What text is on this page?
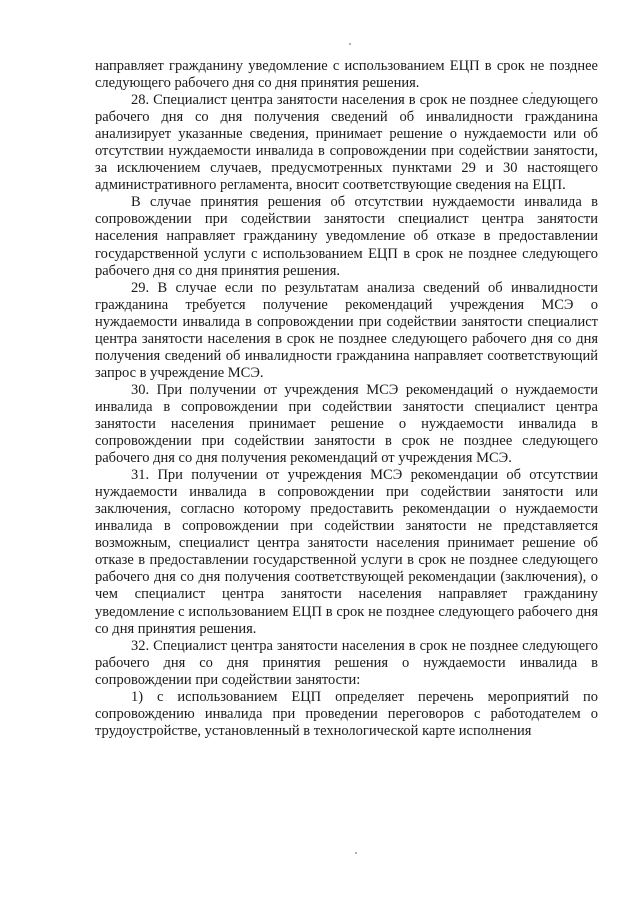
направляет гражданину уведомление с использованием ЕЦП в срок не позднее следующего рабочего дня со дня принятия решения.

28. Специалист центра занятости населения в срок не позднее следующего рабочего дня со дня получения сведений об инвалидности гражданина анализирует указанные сведения, принимает решение о нуждаемости или об отсутствии нуждаемости инвалида в сопровождении при содействии занятости, за исключением случаев, предусмотренных пунктами 29 и 30 настоящего административного регламента, вносит соответствующие сведения на ЕЦП.

В случае принятия решения об отсутствии нуждаемости инвалида в сопровождении при содействии занятости специалист центра занятости населения направляет гражданину уведомление об отказе в предоставлении государственной услуги с использованием ЕЦП в срок не позднее следующего рабочего дня со дня принятия решения.

29. В случае если по результатам анализа сведений об инвалидности гражданина требуется получение рекомендаций учреждения МСЭ о нуждаемости инвалида в сопровождении при содействии занятости специалист центра занятости населения в срок не позднее следующего рабочего дня со дня получения сведений об инвалидности гражданина направляет соответствующий запрос в учреждение МСЭ.

30. При получении от учреждения МСЭ рекомендаций о нуждаемости инвалида в сопровождении при содействии занятости специалист центра занятости населения принимает решение о нуждаемости инвалида в сопровождении при содействии занятости в срок не позднее следующего рабочего дня со дня получения рекомендаций от учреждения МСЭ.

31. При получении от учреждения МСЭ рекомендации об отсутствии нуждаемости инвалида в сопровождении при содействии занятости или заключения, согласно которому предоставить рекомендации о нуждаемости инвалида в сопровождении при содействии занятости не представляется возможным, специалист центра занятости населения принимает решение об отказе в предоставлении государственной услуги в срок не позднее следующего рабочего дня со дня получения соответствующей рекомендации (заключения), о чем специалист центра занятости населения направляет гражданину уведомление с использованием ЕЦП в срок не позднее следующего рабочего дня со дня принятия решения.

32. Специалист центра занятости населения в срок не позднее следующего рабочего дня со дня принятия решения о нуждаемости инвалида в сопровождении при содействии занятости:

1) с использованием ЕЦП определяет перечень мероприятий по сопровождению инвалида при проведении переговоров с работодателем о трудоустройстве, установленный в технологической карте исполнения
